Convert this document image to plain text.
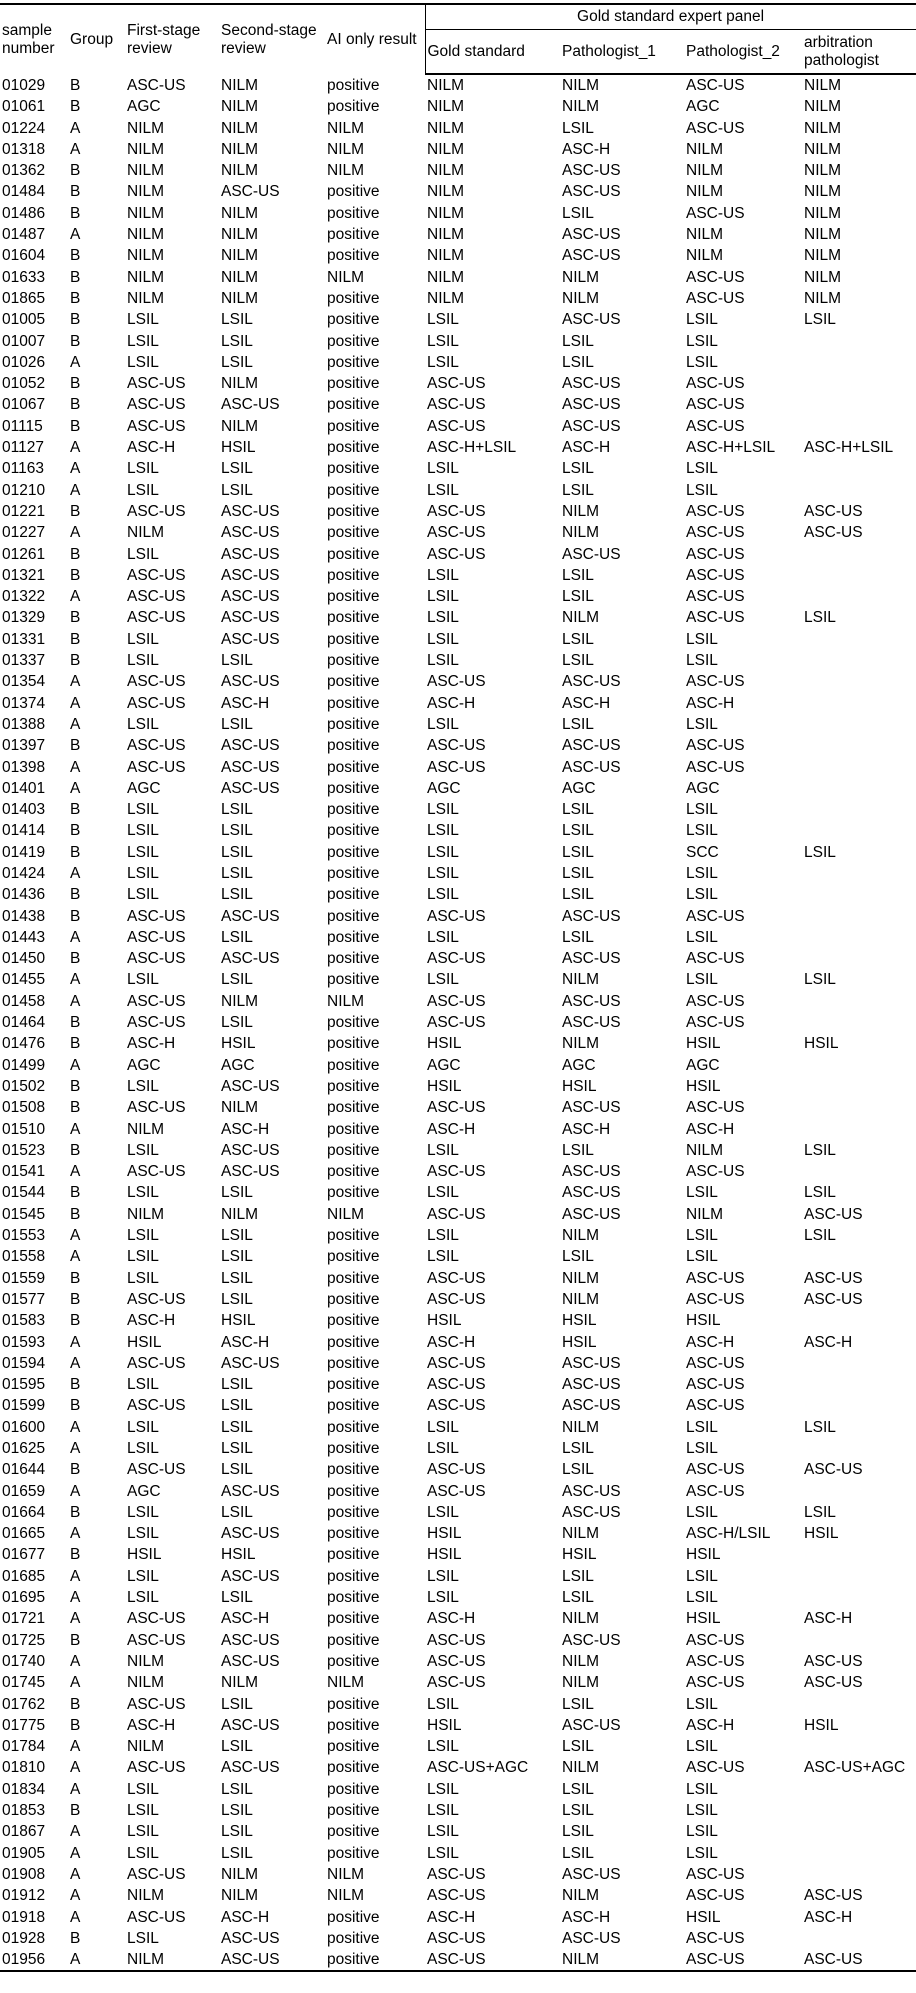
sample number	Group	First-stage review	Second-stage review	AI only result	Gold standard expert panel			
					Gold standard	Pathologist_1	Pathologist_2	arbitration pathologist
01029	B	ASC-US	NILM	positive	NILM	NILM	ASC-US	NILM
01061	B	AGC	NILM	positive	NILM	NILM	AGC	NILM
01224	A	NILM	NILM	NILM	NILM	LSIL	ASC-US	NILM
01318	A	NILM	NILM	NILM	NILM	ASC-H	NILM	NILM
01362	B	NILM	NILM	NILM	NILM	ASC-US	NILM	NILM
01484	B	NILM	ASC-US	positive	NILM	ASC-US	NILM	NILM
01486	B	NILM	NILM	positive	NILM	LSIL	ASC-US	NILM
01487	A	NILM	NILM	positive	NILM	ASC-US	NILM	NILM
01604	B	NILM	NILM	positive	NILM	ASC-US	NILM	NILM
01633	B	NILM	NILM	NILM	NILM	NILM	ASC-US	NILM
01865	B	NILM	NILM	positive	NILM	NILM	ASC-US	NILM
01005	B	LSIL	LSIL	positive	LSIL	ASC-US	LSIL	LSIL
01007	B	LSIL	LSIL	positive	LSIL	LSIL	LSIL	
01026	A	LSIL	LSIL	positive	LSIL	LSIL	LSIL	
01052	B	ASC-US	NILM	positive	ASC-US	ASC-US	ASC-US	
01067	B	ASC-US	ASC-US	positive	ASC-US	ASC-US	ASC-US	
01115	B	ASC-US	NILM	positive	ASC-US	ASC-US	ASC-US	
01127	A	ASC-H	HSIL	positive	ASC-H+LSIL	ASC-H	ASC-H+LSIL	ASC-H+LSIL
01163	A	LSIL	LSIL	positive	LSIL	LSIL	LSIL	
01210	A	LSIL	LSIL	positive	LSIL	LSIL	LSIL	
01221	B	ASC-US	ASC-US	positive	ASC-US	NILM	ASC-US	ASC-US
01227	A	NILM	ASC-US	positive	ASC-US	NILM	ASC-US	ASC-US
01261	B	LSIL	ASC-US	positive	ASC-US	ASC-US	ASC-US	
01321	B	ASC-US	ASC-US	positive	LSIL	LSIL	ASC-US	
01322	A	ASC-US	ASC-US	positive	LSIL	LSIL	ASC-US	
01329	B	ASC-US	ASC-US	positive	LSIL	NILM	ASC-US	LSIL
01331	B	LSIL	ASC-US	positive	LSIL	LSIL	LSIL	
01337	B	LSIL	LSIL	positive	LSIL	LSIL	LSIL	
01354	A	ASC-US	ASC-US	positive	ASC-US	ASC-US	ASC-US	
01374	A	ASC-US	ASC-H	positive	ASC-H	ASC-H	ASC-H	
01388	A	LSIL	LSIL	positive	LSIL	LSIL	LSIL	
01397	B	ASC-US	ASC-US	positive	ASC-US	ASC-US	ASC-US	
01398	A	ASC-US	ASC-US	positive	ASC-US	ASC-US	ASC-US	
01401	A	AGC	ASC-US	positive	AGC	AGC	AGC	
01403	B	LSIL	LSIL	positive	LSIL	LSIL	LSIL	
01414	B	LSIL	LSIL	positive	LSIL	LSIL	LSIL	
01419	B	LSIL	LSIL	positive	LSIL	LSIL	SCC	LSIL
01424	A	LSIL	LSIL	positive	LSIL	LSIL	LSIL	
01436	B	LSIL	LSIL	positive	LSIL	LSIL	LSIL	
01438	B	ASC-US	ASC-US	positive	ASC-US	ASC-US	ASC-US	
01443	A	ASC-US	LSIL	positive	LSIL	LSIL	LSIL	
01450	B	ASC-US	ASC-US	positive	ASC-US	ASC-US	ASC-US	
01455	A	LSIL	LSIL	positive	LSIL	NILM	LSIL	LSIL
01458	A	ASC-US	NILM	NILM	ASC-US	ASC-US	ASC-US	
01464	B	ASC-US	LSIL	positive	ASC-US	ASC-US	ASC-US	
01476	B	ASC-H	HSIL	positive	HSIL	NILM	HSIL	HSIL
01499	A	AGC	AGC	positive	AGC	AGC	AGC	
01502	B	LSIL	ASC-US	positive	HSIL	HSIL	HSIL	
01508	B	ASC-US	NILM	positive	ASC-US	ASC-US	ASC-US	
01510	A	NILM	ASC-H	positive	ASC-H	ASC-H	ASC-H	
01523	B	LSIL	ASC-US	positive	LSIL	LSIL	NILM	LSIL
01541	A	ASC-US	ASC-US	positive	ASC-US	ASC-US	ASC-US	
01544	B	LSIL	LSIL	positive	LSIL	ASC-US	LSIL	LSIL
01545	B	NILM	NILM	NILM	ASC-US	ASC-US	NILM	ASC-US
01553	A	LSIL	LSIL	positive	LSIL	NILM	LSIL	LSIL
01558	A	LSIL	LSIL	positive	LSIL	LSIL	LSIL	
01559	B	LSIL	LSIL	positive	ASC-US	NILM	ASC-US	ASC-US
01577	B	ASC-US	LSIL	positive	ASC-US	NILM	ASC-US	ASC-US
01583	B	ASC-H	HSIL	positive	HSIL	HSIL	HSIL	
01593	A	HSIL	ASC-H	positive	ASC-H	HSIL	ASC-H	ASC-H
01594	A	ASC-US	ASC-US	positive	ASC-US	ASC-US	ASC-US	
01595	B	LSIL	LSIL	positive	ASC-US	ASC-US	ASC-US	
01599	B	ASC-US	LSIL	positive	ASC-US	ASC-US	ASC-US	
01600	A	LSIL	LSIL	positive	LSIL	NILM	LSIL	LSIL
01625	A	LSIL	LSIL	positive	LSIL	LSIL	LSIL	
01644	B	ASC-US	LSIL	positive	ASC-US	LSIL	ASC-US	ASC-US
01659	A	AGC	ASC-US	positive	ASC-US	ASC-US	ASC-US	
01664	B	LSIL	LSIL	positive	LSIL	ASC-US	LSIL	LSIL
01665	A	LSIL	ASC-US	positive	HSIL	NILM	ASC-H/LSIL	HSIL
01677	B	HSIL	HSIL	positive	HSIL	HSIL	HSIL	
01685	A	LSIL	ASC-US	positive	LSIL	LSIL	LSIL	
01695	A	LSIL	LSIL	positive	LSIL	LSIL	LSIL	
01721	A	ASC-US	ASC-H	positive	ASC-H	NILM	HSIL	ASC-H
01725	B	ASC-US	ASC-US	positive	ASC-US	ASC-US	ASC-US	
01740	A	NILM	ASC-US	positive	ASC-US	NILM	ASC-US	ASC-US
01745	A	NILM	NILM	NILM	ASC-US	NILM	ASC-US	ASC-US
01762	B	ASC-US	LSIL	positive	LSIL	LSIL	LSIL	
01775	B	ASC-H	ASC-US	positive	HSIL	ASC-US	ASC-H	HSIL
01784	A	NILM	LSIL	positive	LSIL	LSIL	LSIL	
01810	A	ASC-US	ASC-US	positive	ASC-US+AGC	NILM	ASC-US	ASC-US+AGC
01834	A	LSIL	LSIL	positive	LSIL	LSIL	LSIL	
01853	B	LSIL	LSIL	positive	LSIL	LSIL	LSIL	
01867	A	LSIL	LSIL	positive	LSIL	LSIL	LSIL	
01905	A	LSIL	LSIL	positive	LSIL	LSIL	LSIL	
01908	A	ASC-US	NILM	NILM	ASC-US	ASC-US	ASC-US	
01912	A	NILM	NILM	NILM	ASC-US	NILM	ASC-US	ASC-US
01918	A	ASC-US	ASC-H	positive	ASC-H	ASC-H	HSIL	ASC-H
01928	B	LSIL	ASC-US	positive	ASC-US	ASC-US	ASC-US	
01956	A	NILM	ASC-US	positive	ASC-US	NILM	ASC-US	ASC-US
